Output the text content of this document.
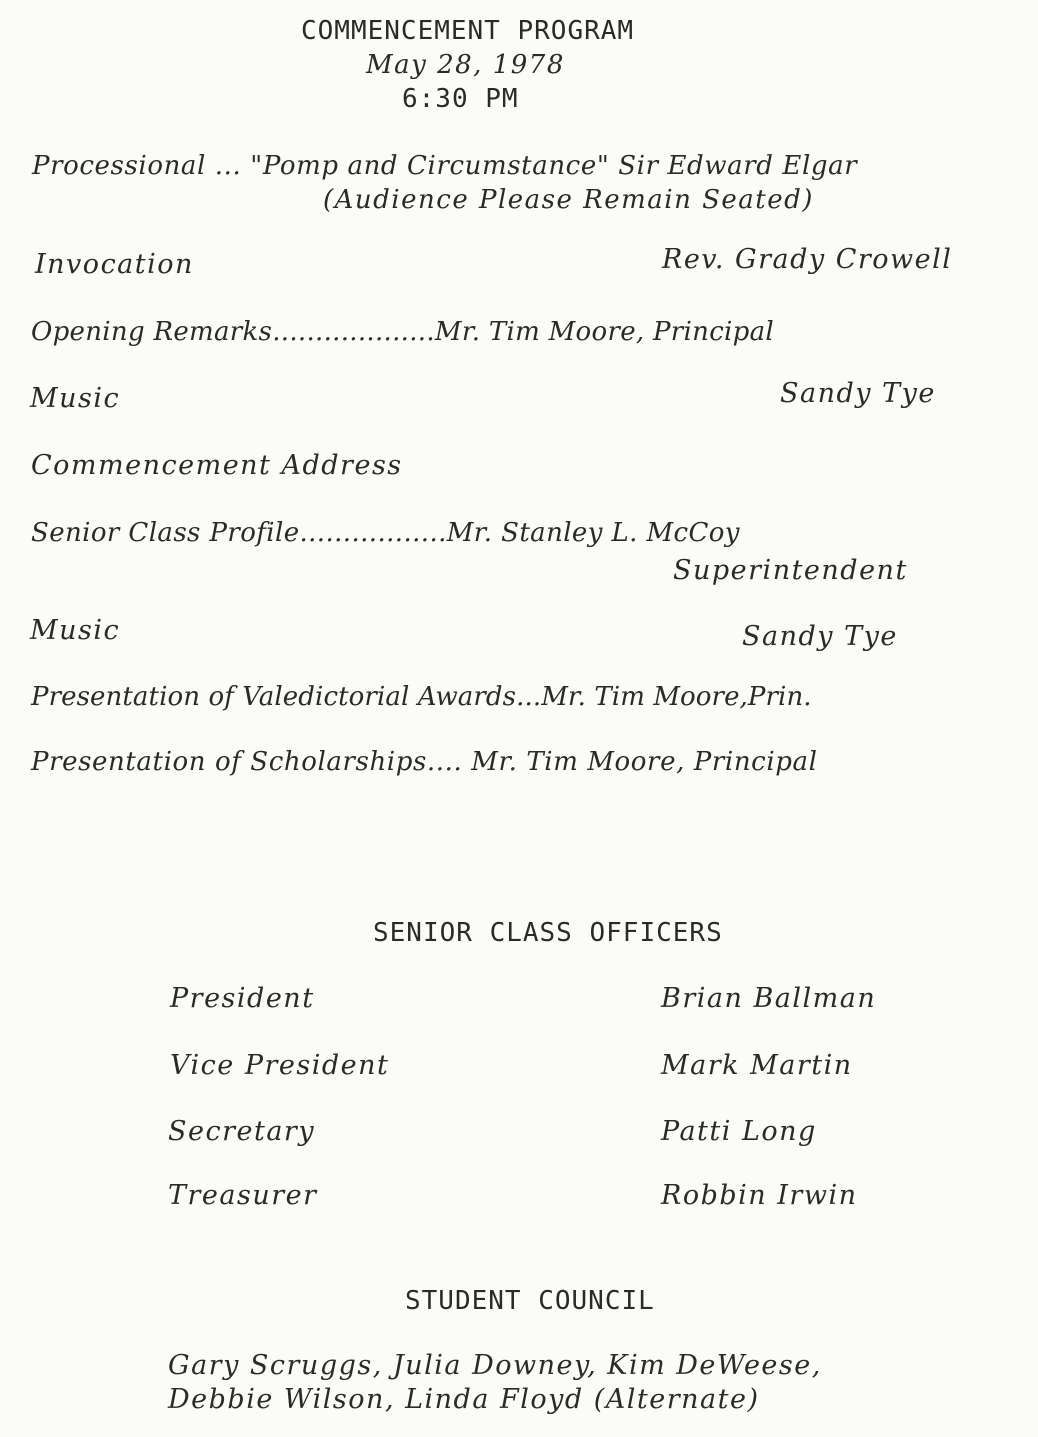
COMMENCEMENT PROGRAM
May 28, 1978
6:30 PM
Processional ... "Pomp and Circumstance" Sir Edward Elgar
(Audience Please Remain Seated)
Invocation	Rev. Grady Crowell
Opening Remarks...................Mr. Tim Moore, Principal
Music	Sandy Tye
Commencement Address
Senior Class Profile.................Mr. Stanley L. McCoy
Superintendent
Music	Sandy Tye
Presentation of Valedictorial Awards...Mr. Tim Moore,Prin.
Presentation of Scholarships.... Mr. Tim Moore, Principal
SENIOR CLASS OFFICERS
President	Brian Ballman
Vice President	Mark Martin
Secretary	Patti Long
Treasurer	Robbin Irwin
STUDENT COUNCIL
Gary Scruggs, Julia Downey, Kim DeWeese,
Debbie Wilson, Linda Floyd (Alternate)
